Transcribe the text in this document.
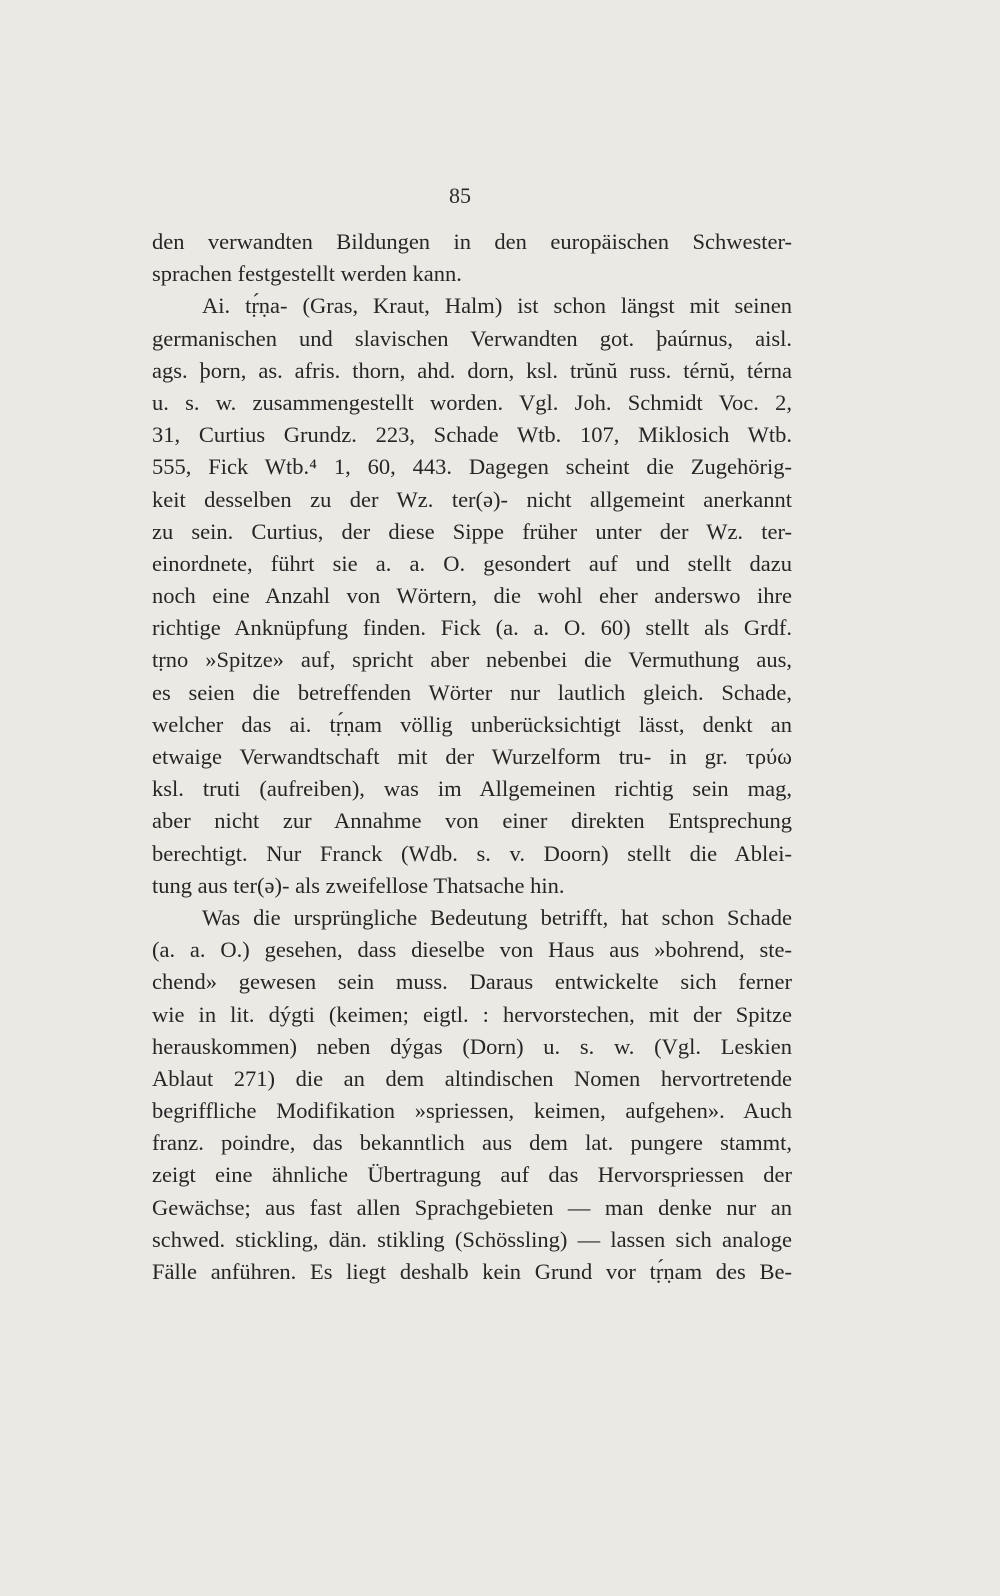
85
den verwandten Bildungen in den europäischen Schwester-
sprachen festgestellt werden kann.
Ai. tṛ́ṇa- (Gras, Kraut, Halm) ist schon längst mit seinen
germanischen und slavischen Verwandten got. þaúrnus, aisl.
ags. þorn, as. afris. thorn, ahd. dorn, ksl. trŭnŭ russ. térnŭ, térna
u. s. w. zusammengestellt worden. Vgl. Joh. Schmidt Voc. 2,
31, Curtius Grundz. 223, Schade Wtb. 107, Miklosich Wtb.
555, Fick Wtb.⁴ 1, 60, 443. Dagegen scheint die Zugehörig-
keit desselben zu der Wz. ter(ə)- nicht allgemeint anerkannt
zu sein. Curtius, der diese Sippe früher unter der Wz. ter-
einordnete, führt sie a. a. O. gesondert auf und stellt dazu
noch eine Anzahl von Wörtern, die wohl eher anderswo ihre
richtige Anknüpfung finden. Fick (a. a. O. 60) stellt als Grdf.
tṛno »Spitze» auf, spricht aber nebenbei die Vermuthung aus,
es seien die betreffenden Wörter nur lautlich gleich. Schade,
welcher das ai. tṛ́ṇam völlig unberücksichtigt lässt, denkt an
etwaige Verwandtschaft mit der Wurzelform tru- in gr. τρύω
ksl. truti (aufreiben), was im Allgemeinen richtig sein mag,
aber nicht zur Annahme von einer direkten Entsprechung
berechtigt. Nur Franck (Wdb. s. v. Doorn) stellt die Ablei-
tung aus ter(ə)- als zweifellose Thatsache hin.
Was die ursprüngliche Bedeutung betrifft, hat schon Schade
(a. a. O.) gesehen, dass dieselbe von Haus aus »bohrend, ste-
chend» gewesen sein muss. Daraus entwickelte sich ferner
wie in lit. dýgti (keimen; eigtl. : hervorstechen, mit der Spitze
herauskommen) neben dýgas (Dorn) u. s. w. (Vgl. Leskien
Ablaut 271) die an dem altindischen Nomen hervortretende
begriffliche Modifikation »spriessen, keimen, aufgehen». Auch
franz. poindre, das bekanntlich aus dem lat. pungere stammt,
zeigt eine ähnliche Übertragung auf das Hervorspriessen der
Gewächse; aus fast allen Sprachgebieten — man denke nur an
schwed. stickling, dän. stikling (Schössling) — lassen sich analoge
Fälle anführen. Es liegt deshalb kein Grund vor tṛ́ṇam des Be-
